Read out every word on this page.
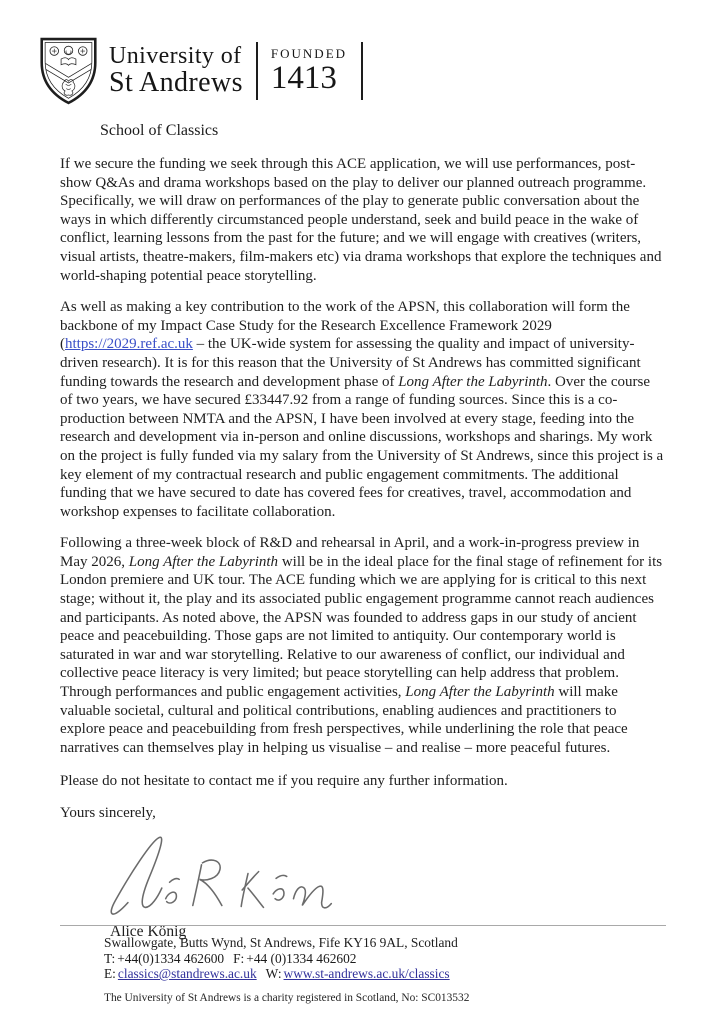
University of
St Andrews
FOUNDED
1413
School of Classics

If we secure the funding we seek through this ACE application, we will use performances, post-show Q&As and drama workshops based on the play to deliver our planned outreach programme. Specifically, we will draw on performances of the play to generate public conversation about the ways in which differently circumstanced people understand, seek and build peace in the wake of conflict, learning lessons from the past for the future; and we will engage with creatives (writers, visual artists, theatre-makers, film-makers etc) via drama workshops that explore the techniques and world-shaping potential peace storytelling.

As well as making a key contribution to the work of the APSN, this collaboration will form the backbone of my Impact Case Study for the Research Excellence Framework 2029 (https://2029.ref.ac.uk – the UK-wide system for assessing the quality and impact of university-driven research). It is for this reason that the University of St Andrews has committed significant funding towards the research and development phase of Long After the Labyrinth. Over the course of two years, we have secured £33447.92 from a range of funding sources. Since this is a co-production between NMTA and the APSN, I have been involved at every stage, feeding into the research and development via in-person and online discussions, workshops and sharings. My work on the project is fully funded via my salary from the University of St Andrews, since this project is a key element of my contractual research and public engagement commitments. The additional funding that we have secured to date has covered fees for creatives, travel, accommodation and workshop expenses to facilitate collaboration.

Following a three-week block of R&D and rehearsal in April, and a work-in-progress preview in May 2026, Long After the Labyrinth will be in the ideal place for the final stage of refinement for its London premiere and UK tour. The ACE funding which we are applying for is critical to this next stage; without it, the play and its associated public engagement programme cannot reach audiences and participants. As noted above, the APSN was founded to address gaps in our study of ancient peace and peacebuilding. Those gaps are not limited to antiquity. Our contemporary world is saturated in war and war storytelling. Relative to our awareness of conflict, our individual and collective peace literacy is very limited; but peace storytelling can help address that problem. Through performances and public engagement activities, Long After the Labyrinth will make valuable societal, cultural and political contributions, enabling audiences and practitioners to explore peace and peacebuilding from fresh perspectives, while underlining the role that peace narratives can themselves play in helping us visualise – and realise – more peaceful futures.

Please do not hesitate to contact me if you require any further information.

Yours sincerely,

Alice König
Swallowgate, Butts Wynd, St Andrews, Fife KY16 9AL, Scotland
T: +44(0)1334 462600 F: +44 (0)1334 462602
E: classics@standrews.ac.uk W: www.st-andrews.ac.uk/classics
The University of St Andrews is a charity registered in Scotland, No: SC013532
